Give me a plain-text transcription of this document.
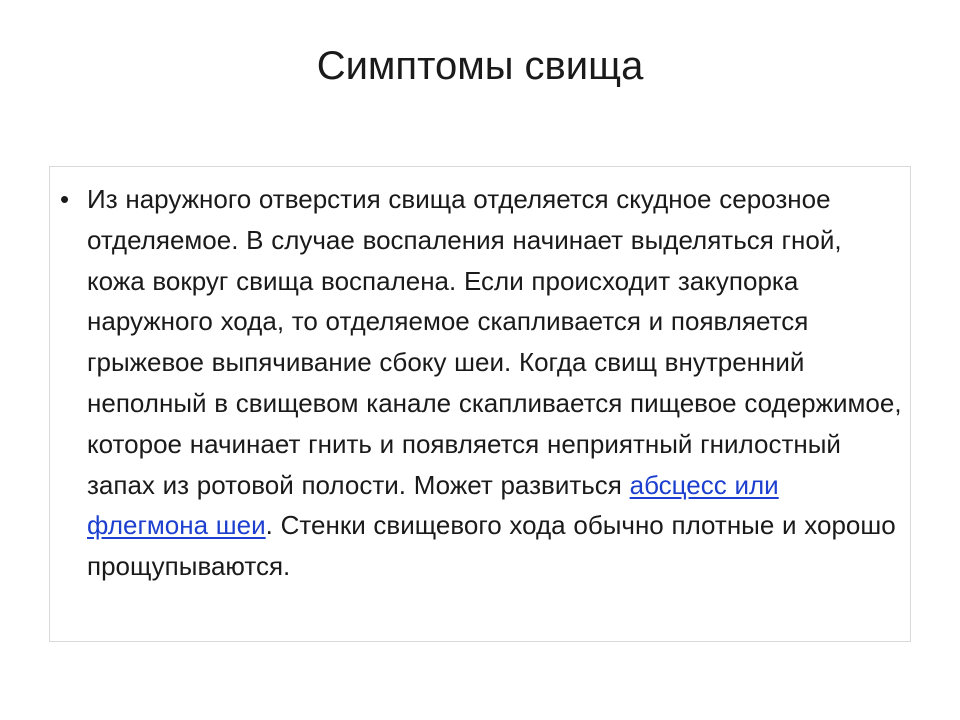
Симптомы свища
• Из наружного отверстия свища отделяется скудное серозное отделяемое. В случае воспаления начинает выделяться гной, кожа вокруг свища воспалена. Если происходит закупорка наружного хода, то отделяемое скапливается и появляется грыжевое выпячивание сбоку шеи. Когда свищ внутренний неполный в свищевом канале скапливается пищевое содержимое, которое начинает гнить и появляется неприятный гнилостный запах из ротовой полости. Может развиться абсцесс или флегмона шеи. Стенки свищевого хода обычно плотные и хорошо прощупываются.
